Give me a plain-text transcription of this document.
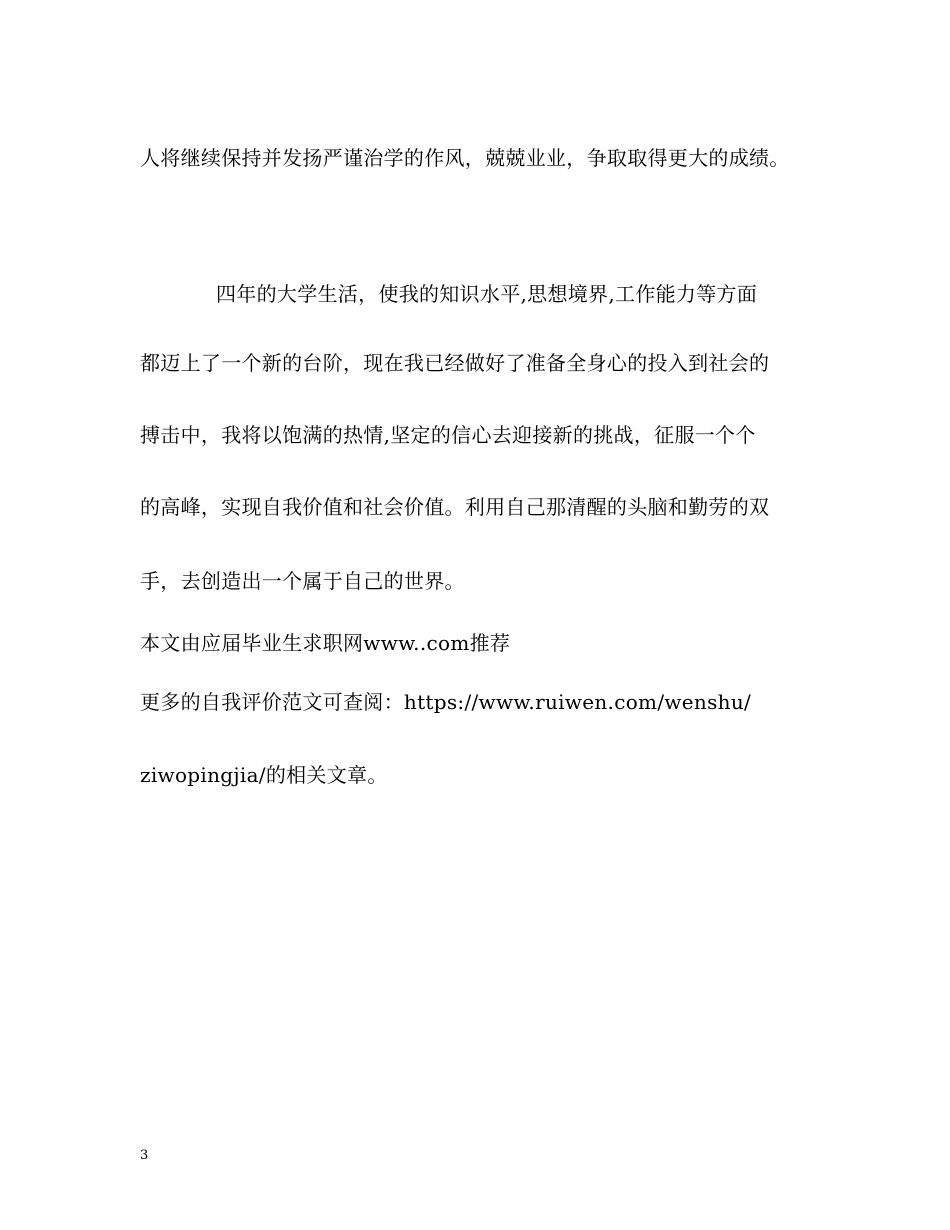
人将继续保持并发扬严谨治学的作风，兢兢业业，争取取得更大的成绩。
四年的大学生活，使我的知识水平,思想境界,工作能力等方面
都迈上了一个新的台阶，现在我已经做好了准备全身心的投入到社会的
搏击中，我将以饱满的热情,坚定的信心去迎接新的挑战，征服一个个
的高峰，实现自我价值和社会价值。利用自己那清醒的头脑和勤劳的双
手，去创造出一个属于自己的世界。
本文由应届毕业生求职网www..com推荐
更多的自我评价范文可查阅：https://www.ruiwen.com/wenshu/
ziwopingjia/的相关文章。
3
